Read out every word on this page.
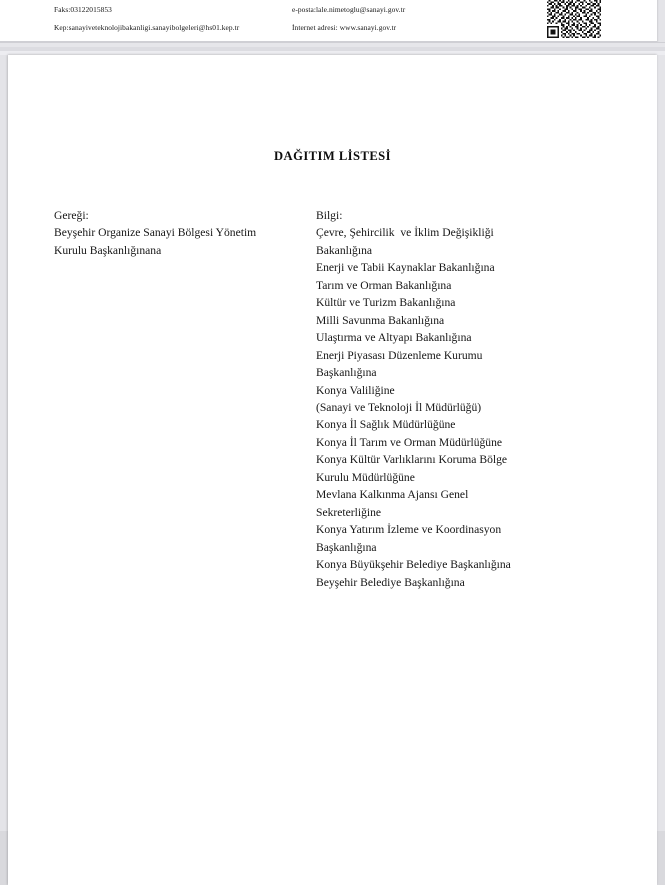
Faks:03122015853
Kep:sanayiveteknolojibakanligi.sanayibolgeleri@hs01.kep.tr
e-posta:lale.nimetoglu@sanayi.gov.tr
İnternet adresi: www.sanayi.gov.tr
DAĞITIM LİSTESİ
Gereği:
Beyşehir Organize Sanayi Bölgesi Yönetim
Kurulu Başkanlığınana
Bilgi:
Çevre, Şehircilik  ve İklim Değişikliği
Bakanlığına
Enerji ve Tabii Kaynaklar Bakanlığına
Tarım ve Orman Bakanlığına
Kültür ve Turizm Bakanlığına
Milli Savunma Bakanlığına
Ulaştırma ve Altyapı Bakanlığına
Enerji Piyasası Düzenleme Kurumu
Başkanlığına
Konya Valiliğine
(Sanayi ve Teknoloji İl Müdürlüğü)
Konya İl Sağlık Müdürlüğüne
Konya İl Tarım ve Orman Müdürlüğüne
Konya Kültür Varlıklarını Koruma Bölge
Kurulu Müdürlüğüne
Mevlana Kalkınma Ajansı Genel
Sekreterliğine
Konya Yatırım İzleme ve Koordinasyon
Başkanlığına
Konya Büyükşehir Belediye Başkanlığına
Beyşehir Belediye Başkanlığına
